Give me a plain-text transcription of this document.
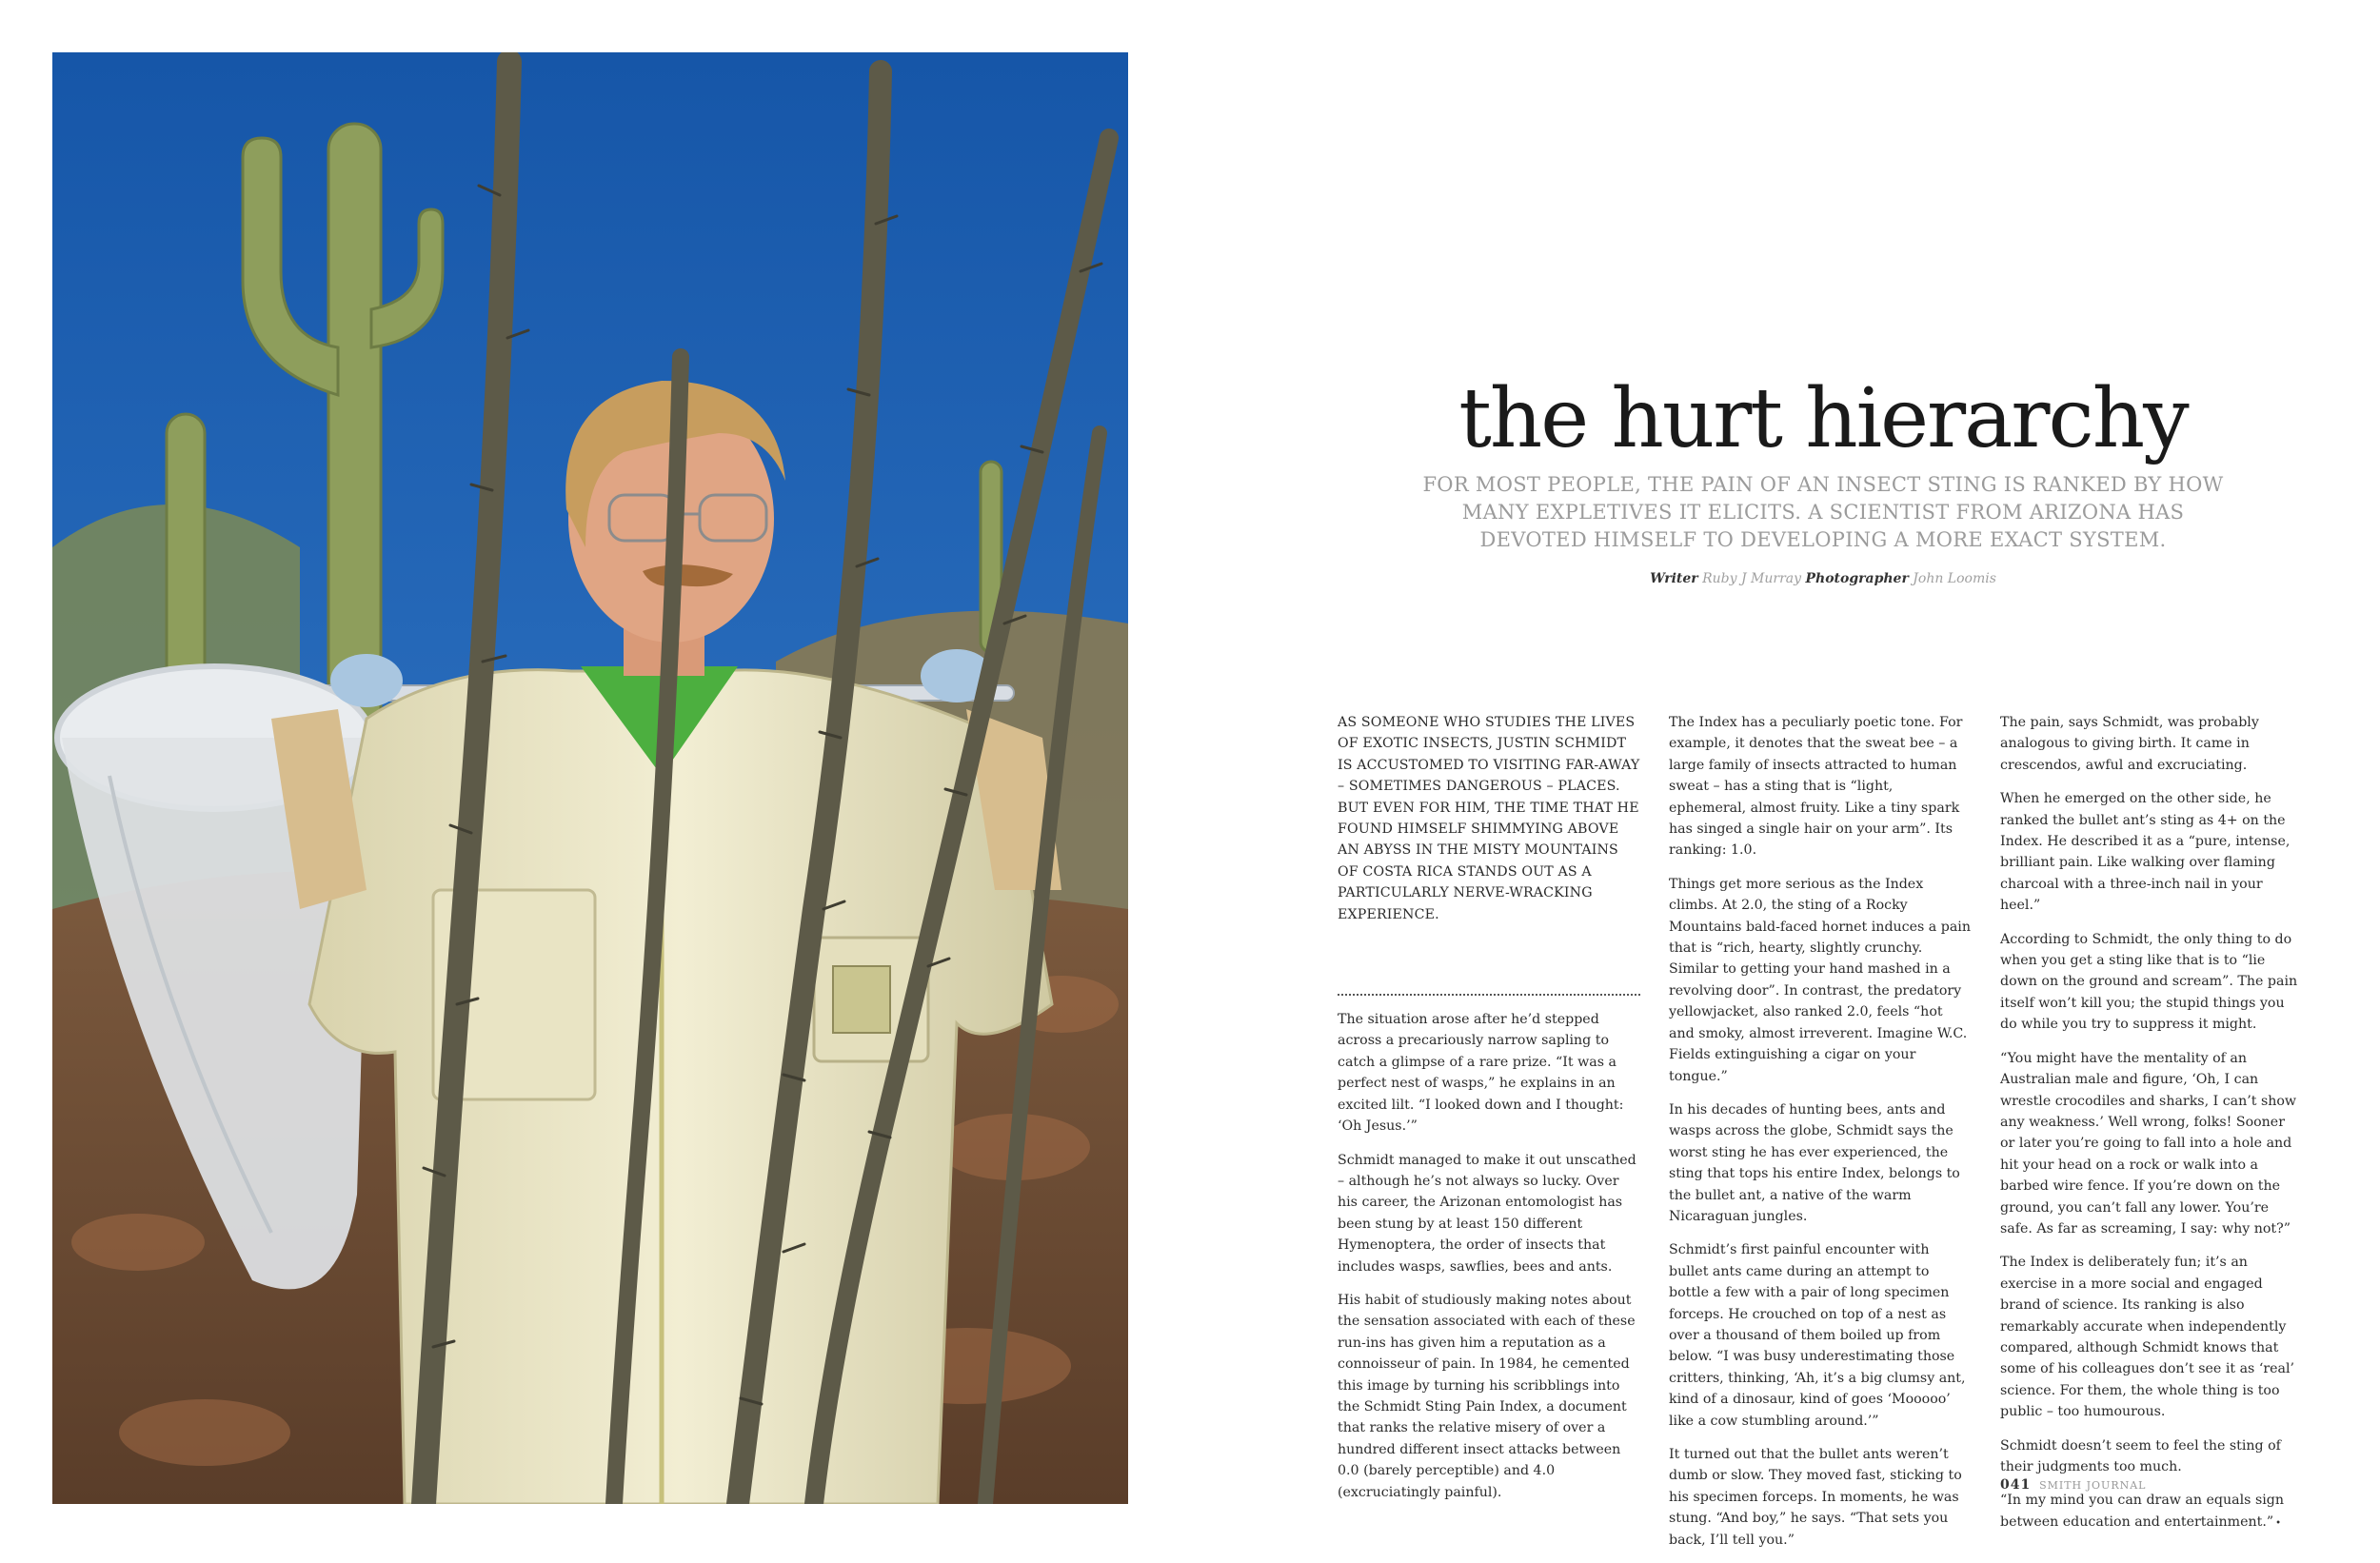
the hurt hierarchy
FOR MOST PEOPLE, THE PAIN OF AN INSECT STING IS RANKED BY HOW MANY EXPLETIVES IT ELICITS. A SCIENTIST FROM ARIZONA HAS DEVOTED HIMSELF TO DEVELOPING A MORE EXACT SYSTEM.
Writer Ruby J Murray Photographer John Loomis

AS SOMEONE WHO STUDIES THE LIVES OF EXOTIC INSECTS, JUSTIN SCHMIDT IS ACCUSTOMED TO VISITING FAR-AWAY – SOMETIMES DANGEROUS – PLACES. BUT EVEN FOR HIM, THE TIME THAT HE FOUND HIMSELF SHIMMYING ABOVE AN ABYSS IN THE MISTY MOUNTAINS OF COSTA RICA STANDS OUT AS A PARTICULARLY NERVE-WRACKING EXPERIENCE.

The situation arose after he’d stepped across a precariously narrow sapling to catch a glimpse of a rare prize. “It was a perfect nest of wasps,” he explains in an excited lilt. “I looked down and I thought: ‘Oh Jesus.’”

Schmidt managed to make it out unscathed – although he’s not always so lucky. Over his career, the Arizonan entomologist has been stung by at least 150 different Hymenoptera, the order of insects that includes wasps, sawflies, bees and ants.

His habit of studiously making notes about the sensation associated with each of these run-ins has given him a reputation as a connoisseur of pain. In 1984, he cemented this image by turning his scribblings into the Schmidt Sting Pain Index, a document that ranks the relative misery of over a hundred different insect attacks between 0.0 (barely perceptible) and 4.0 (excruciatingly painful).

The Index has a peculiarly poetic tone. For example, it denotes that the sweat bee – a large family of insects attracted to human sweat – has a sting that is “light, ephemeral, almost fruity. Like a tiny spark has singed a single hair on your arm”. Its ranking: 1.0.

Things get more serious as the Index climbs. At 2.0, the sting of a Rocky Mountains bald-faced hornet induces a pain that is “rich, hearty, slightly crunchy. Similar to getting your hand mashed in a revolving door”. In contrast, the predatory yellowjacket, also ranked 2.0, feels “hot and smoky, almost irreverent. Imagine W.C. Fields extinguishing a cigar on your tongue.”

In his decades of hunting bees, ants and wasps across the globe, Schmidt says the worst sting he has ever experienced, the sting that tops his entire Index, belongs to the bullet ant, a native of the warm Nicaraguan jungles.

Schmidt’s first painful encounter with bullet ants came during an attempt to bottle a few with a pair of long specimen forceps. He crouched on top of a nest as over a thousand of them boiled up from below. “I was busy underestimating those critters, thinking, ‘Ah, it’s a big clumsy ant, kind of a dinosaur, kind of goes ‘Mooooo’ like a cow stumbling around.’”

It turned out that the bullet ants weren’t dumb or slow. They moved fast, sticking to his specimen forceps. In moments, he was stung. “And boy,” he says. “That sets you back, I’ll tell you.”

The pain, says Schmidt, was probably analogous to giving birth. It came in crescendos, awful and excruciating.

When he emerged on the other side, he ranked the bullet ant’s sting as 4+ on the Index. He described it as a “pure, intense, brilliant pain. Like walking over flaming charcoal with a three-inch nail in your heel.”

According to Schmidt, the only thing to do when you get a sting like that is to “lie down on the ground and scream”. The pain itself won’t kill you; the stupid things you do while you try to suppress it might.

“You might have the mentality of an Australian male and figure, ‘Oh, I can wrestle crocodiles and sharks, I can’t show any weakness.’ Well wrong, folks! Sooner or later you’re going to fall into a hole and hit your head on a rock or walk into a barbed wire fence. If you’re down on the ground, you can’t fall any lower. You’re safe. As far as screaming, I say: why not?”

The Index is deliberately fun; it’s an exercise in a more social and engaged brand of science. Its ranking is also remarkably accurate when independently compared, although Schmidt knows that some of his colleagues don’t see it as ‘real’ science. For them, the whole thing is too public – too humourous.

Schmidt doesn’t seem to feel the sting of their judgments too much.

“In my mind you can draw an equals sign between education and entertainment.” •

041 SMITH JOURNAL
